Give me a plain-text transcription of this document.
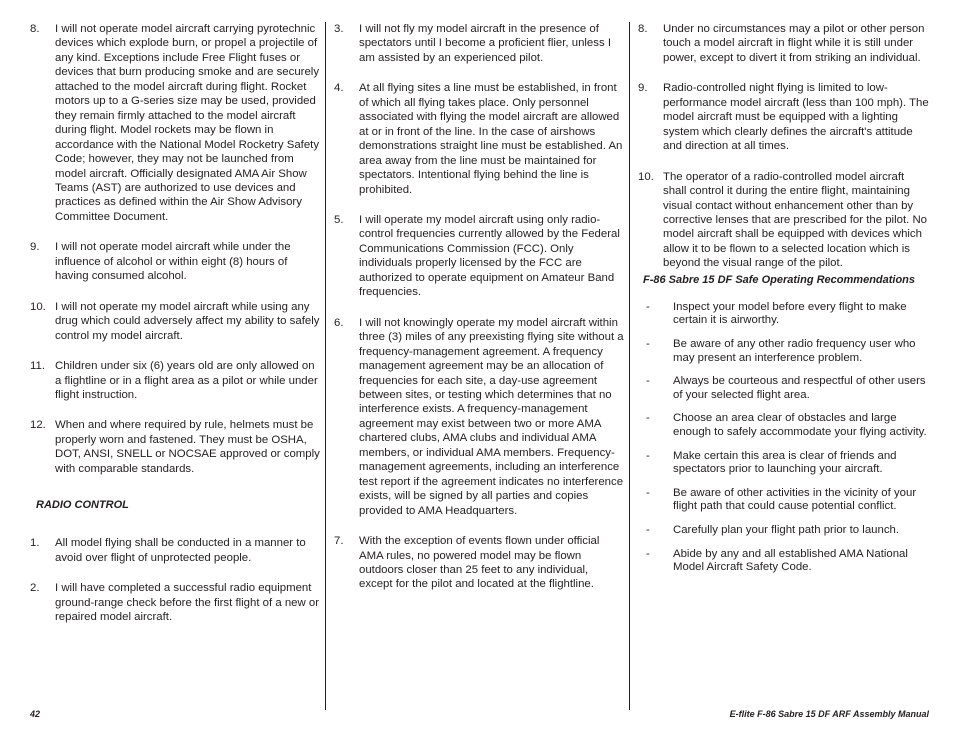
8. I will not operate model aircraft carrying pyrotechnic devices which explode burn, or propel a projectile of any kind. Exceptions include Free Flight fuses or devices that burn producing smoke and are securely attached to the model aircraft during flight. Rocket motors up to a G-series size may be used, provided they remain firmly attached to the model aircraft during flight. Model rockets may be flown in accordance with the National Model Rocketry Safety Code; however, they may not be launched from model aircraft. Officially designated AMA Air Show Teams (AST) are authorized to use devices and practices as defined within the Air Show Advisory Committee Document.
9. I will not operate model aircraft while under the influence of alcohol or within eight (8) hours of having consumed alcohol.
10. I will not operate my model aircraft while using any drug which could adversely affect my ability to safely control my model aircraft.
11. Children under six (6) years old are only allowed on a flightline or in a flight area as a pilot or while under flight instruction.
12. When and where required by rule, helmets must be properly worn and fastened. They must be OSHA, DOT, ANSI, SNELL or NOCSAE approved or comply with comparable standards.
RADIO CONTROL
1. All model flying shall be conducted in a manner to avoid over flight of unprotected people.
2. I will have completed a successful radio equipment ground-range check before the first flight of a new or repaired model aircraft.
3. I will not fly my model aircraft in the presence of spectators until I become a proficient flier, unless I am assisted by an experienced pilot.
4. At all flying sites a line must be established, in front of which all flying takes place. Only personnel associated with flying the model aircraft are allowed at or in front of the line. In the case of airshows demonstrations straight line must be established. An area away from the line must be maintained for spectators. Intentional flying behind the line is prohibited.
5. I will operate my model aircraft using only radio-control frequencies currently allowed by the Federal Communications Commission (FCC). Only individuals properly licensed by the FCC are authorized to operate equipment on Amateur Band frequencies.
6. I will not knowingly operate my model aircraft within three (3) miles of any preexisting flying site without a frequency-management agreement. A frequency management agreement may be an allocation of frequencies for each site, a day-use agreement between sites, or testing which determines that no interference exists. A frequency-management agreement may exist between two or more AMA chartered clubs, AMA clubs and individual AMA members, or individual AMA members. Frequency-management agreements, including an interference test report if the agreement indicates no interference exists, will be signed by all parties and copies provided to AMA Headquarters.
7. With the exception of events flown under official AMA rules, no powered model may be flown outdoors closer than 25 feet to any individual, except for the pilot and located at the flightline.
8. Under no circumstances may a pilot or other person touch a model aircraft in flight while it is still under power, except to divert it from striking an individual.
9. Radio-controlled night flying is limited to low-performance model aircraft (less than 100 mph). The model aircraft must be equipped with a lighting system which clearly defines the aircraft's attitude and direction at all times.
10. The operator of a radio-controlled model aircraft shall control it during the entire flight, maintaining visual contact without enhancement other than by corrective lenses that are prescribed for the pilot. No model aircraft shall be equipped with devices which allow it to be flown to a selected location which is beyond the visual range of the pilot.
F-86 Sabre 15 DF Safe Operating Recommendations
- Inspect your model before every flight to make certain it is airworthy.
- Be aware of any other radio frequency user who may present an interference problem.
- Always be courteous and respectful of other users of your selected flight area.
- Choose an area clear of obstacles and large enough to safely accommodate your flying activity.
- Make certain this area is clear of friends and spectators prior to launching your aircraft.
- Be aware of other activities in the vicinity of your flight path that could cause potential conflict.
- Carefully plan your flight path prior to launch.
- Abide by any and all established AMA National Model Aircraft Safety Code.
42	E-flite F-86 Sabre 15 DF ARF Assembly Manual
